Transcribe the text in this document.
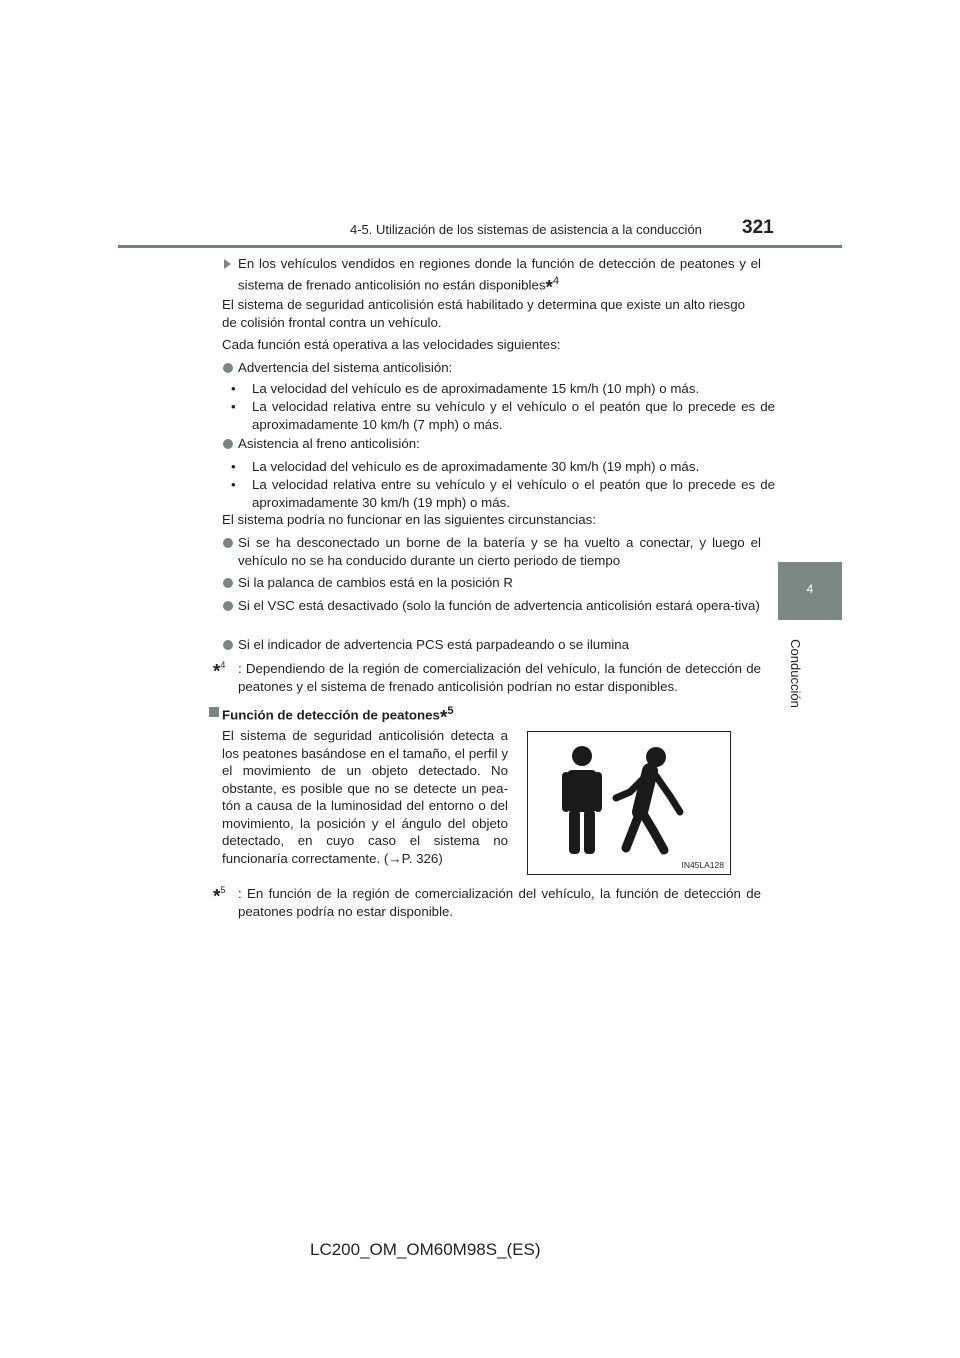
4-5. Utilización de los sistemas de asistencia a la conducción 321
4
Conducción
En los vehículos vendidos en regiones donde la función de detección de peatones y el sistema de frenado anticolisión no están disponibles*$^4$
El sistema de seguridad anticolisión está habilitado y determina que existe un alto riesgo de colisión frontal contra un vehículo.
Cada función está operativa a las velocidades siguientes:
Advertencia del sistema anticolisión:
• La velocidad del vehículo es de aproximadamente 15 km/h (10 mph) o más.
• La velocidad relativa entre su vehículo y el vehículo o el peatón que lo precede es de aproximadamente 10 km/h (7 mph) o más.
Asistencia al freno anticolisión:
• La velocidad del vehículo es de aproximadamente 30 km/h (19 mph) o más.
• La velocidad relativa entre su vehículo y el vehículo o el peatón que lo precede es de aproximadamente 30 km/h (19 mph) o más.
El sistema podría no funcionar en las siguientes circunstancias:
Si se ha desconectado un borne de la batería y se ha vuelto a conectar, y luego el vehículo no se ha conducido durante un cierto periodo de tiempo
Si la palanca de cambios está en la posición R
Si el VSC está desactivado (solo la función de advertencia anticolisión estará opera-tiva)
Si el indicador de advertencia PCS está parpadeando o se ilumina
*$^4$ : Dependiendo de la región de comercialización del vehículo, la función de detección de peatones y el sistema de frenado anticolisión podrían no estar disponibles.
Función de detección de peatones*$^5$
El sistema de seguridad anticolisión detecta a los peatones basándose en el tamaño, el perfil y el movimiento de un objeto detectado. No obstante, es posible que no se detecte un pea-tón a causa de la luminosidad del entorno o del movimiento, la posición y el ángulo del objeto detectado, en cuyo caso el sistema no funcionaría correctamente. (→P. 326)
*$^5$ : En función de la región de comercialización del vehículo, la función de detección de peatones podría no estar disponible.
IN45LA128
LC200_OM_OM60M98S_(ES)
